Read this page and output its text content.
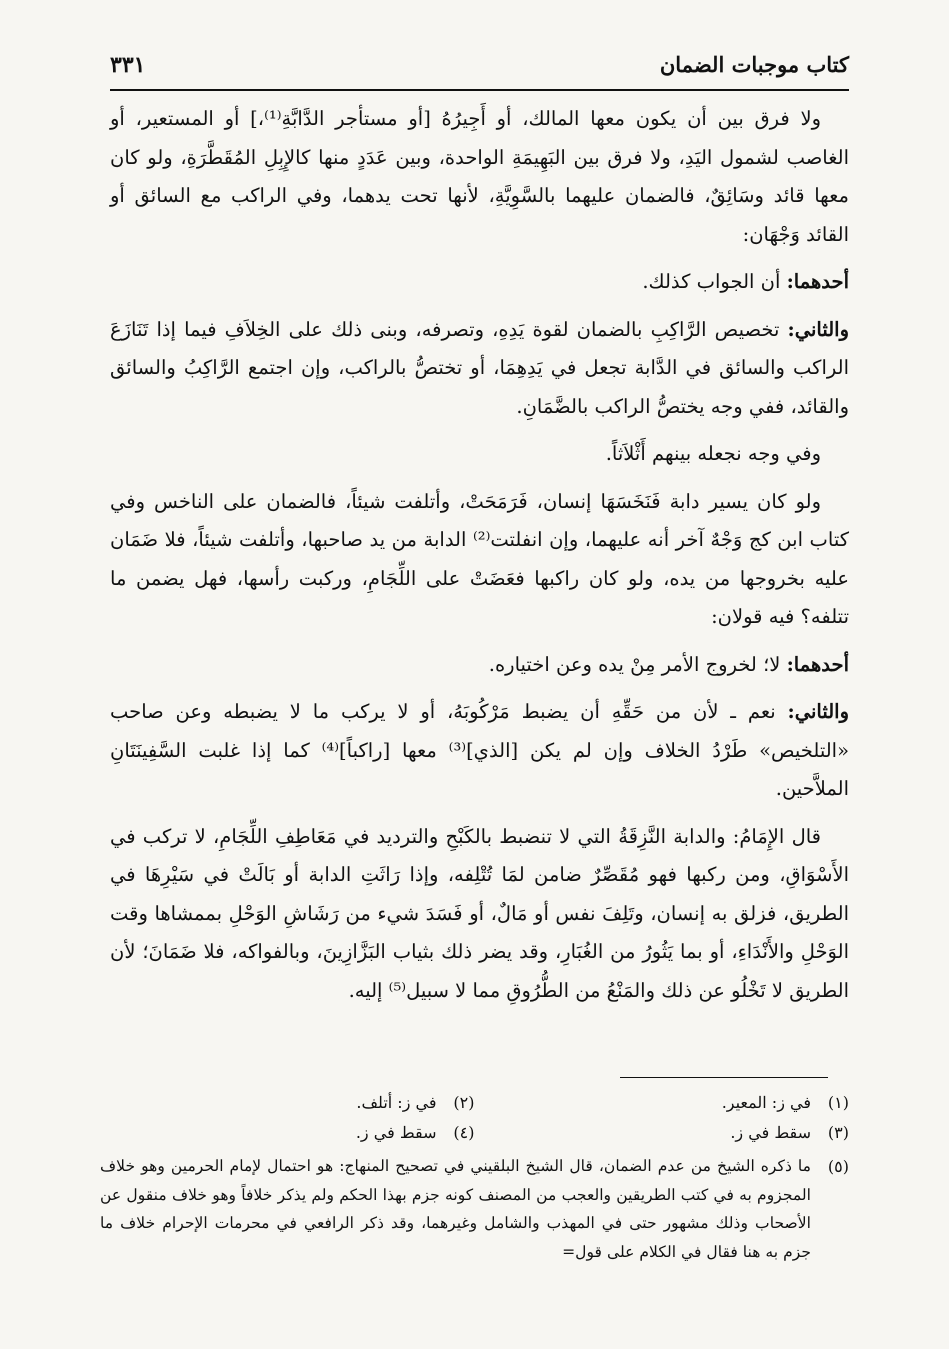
كتاب موجبات الضمان
٣٣١

ولا فرق بين أن يكون معها المالك، أو أَجِيرُهُ [أو مستأجر الدَّابَّةِ⁽¹⁾،] أو المستعير، أو الغاصب لشمول اليَدِ، ولا فرق بين البَهِيمَةِ الواحدة، وبين عَدَدٍ منها كالإِبِلِ المُقَطَّرَةِ، ولو كان معها قائد وسَائِقٌ، فالضمان عليهما بالسَّوِيَّةِ، لأنها تحت يدهما، وفي الراكب مع السائق أو القائد وَجْهَان:

أحدهما: أن الجواب كذلك.

والثاني: تخصيص الرَّاكِبِ بالضمان لقوة يَدِهِ، وتصرفه، وبنى ذلك على الخِلاَفِ فيما إذا تَنَازَعَ الراكب والسائق في الدَّابة تجعل في يَدِهِمَا، أو تختصُّ بالراكب، وإن اجتمع الرَّاكِبُ والسائق والقائد، ففي وجه يختصُّ الراكب بالضَّمَانِ.

وفي وجه نجعله بينهم أَثْلاَثاً.

ولو كان يسير دابة فَنَخَسَهَا إنسان، فَرَمَحَتْ، وأتلفت شيئاً، فالضمان على الناخس وفي كتاب ابن كج وَجْهٌ آخر أنه عليهما، وإن انفلتت⁽²⁾ الدابة من يد صاحبها، وأتلفت شيئاً، فلا ضَمَان عليه بخروجها من يده، ولو كان راكبها فعَضَتْ على اللِّجَامِ، وركبت رأسها، فهل يضمن ما تتلفه؟ فيه قولان:

أحدهما: لا؛ لخروج الأمر مِنْ يده وعن اختياره.

والثاني: نعم ـ لأن من حَقِّهِ أن يضبط مَرْكُوبَهُ، أو لا يركب ما لا يضبطه وعن صاحب «التلخيص» طَرْدُ الخلاف وإن لم يكن [الذي]⁽³⁾ معها [راكباً]⁽⁴⁾ كما إذا غلبت السَّفِينَتَانِ الملاَّحين.

قال الإِمَامُ: والدابة النَّزِقَةُ التي لا تنضبط بالكَبْحِ والترديد في مَعَاطِفِ اللِّجَامِ، لا تركب في الأَسْوَاقِ، ومن ركبها فهو مُقَصِّرٌ ضامن لمَا تُتْلِفه، وإذا رَاثَتِ الدابة أو بَالَتْ في سَيْرِهَا في الطريق، فزلق به إنسان، وتَلِفَ نفس أو مَالٌ، أو فَسَدَ شيء من رَشَاشِ الوَحْلِ بممشاها وقت الوَحْلِ والأَنْدَاءِ، أو بما يَثُورُ من الغُبَارِ، وقد يضر ذلك بثياب البَزَّازِينَ، وبالفواكه، فلا ضَمَانَ؛ لأن الطريق لا تَخْلُو عن ذلك والمَنْعُ من الطُّرُوقِ مما لا سبيل⁽⁵⁾ إليه.

(١)
في ز: المعير.
(٢)
في ز: أتلف.
(٣)
سقط في ز.
(٤)
سقط في ز.
(٥)
ما ذكره الشيخ من عدم الضمان، قال الشيخ البلقيني في تصحيح المنهاج: هو احتمال لإمام الحرمين وهو خلاف المجزوم به في كتب الطريقين والعجب من المصنف كونه جزم بهذا الحكم ولم يذكر خلافاً وهو خلاف منقول عن الأصحاب وذلك مشهور حتى في المهذب والشامل وغيرهما، وقد ذكر الرافعي في محرمات الإحرام خلاف ما جزم به هنا فقال في الكلام على قول=
